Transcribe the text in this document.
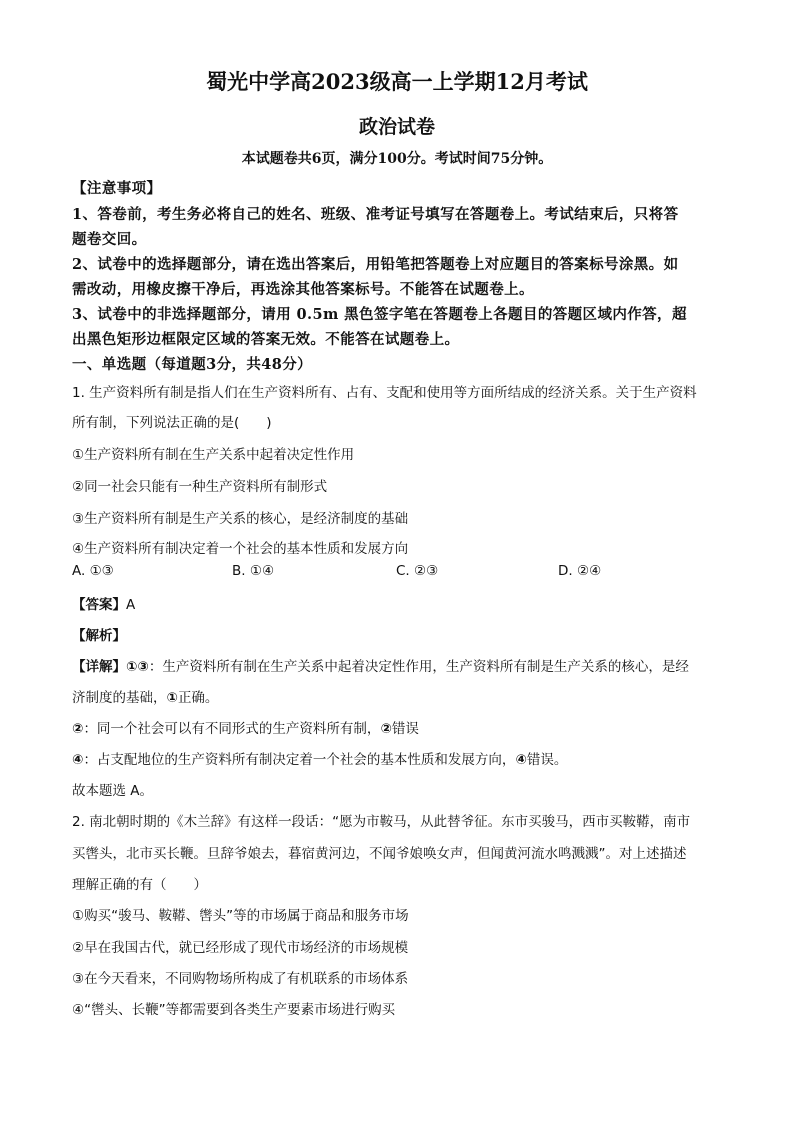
蜀光中学高2023级高一上学期12月考试
政治试卷
本试题卷共6页，满分100分。考试时间75分钟。
【注意事项】
1、答卷前，考生务必将自己的姓名、班级、准考证号填写在答题卷上。考试结束后，只将答
题卷交回。
2、试卷中的选择题部分，请在选出答案后，用铅笔把答题卷上对应题目的答案标号涂黑。如
需改动，用橡皮擦干净后，再选涂其他答案标号。不能答在试题卷上。
3、试卷中的非选择题部分，请用 0.5m 黑色签字笔在答题卷上各题目的答题区域内作答，超
出黑色矩形边框限定区域的答案无效。不能答在试题卷上。
一、单选题（每道题3分，共48分）
1. 生产资料所有制是指人们在生产资料所有、占有、支配和使用等方面所结成的经济关系。关于生产资料
所有制，下列说法正确的是(　　)
①生产资料所有制在生产关系中起着决定性作用
②同一社会只能有一种生产资料所有制形式
③生产资料所有制是生产关系的核心，是经济制度的基础
④生产资料所有制决定着一个社会的基本性质和发展方向
A. ①③	B. ①④	C. ②③	D. ②④
【答案】A
【解析】
【详解】①③：生产资料所有制在生产关系中起着决定性作用，生产资料所有制是生产关系的核心，是经
济制度的基础，①正确。
②：同一个社会可以有不同形式的生产资料所有制，②错误
④：占支配地位的生产资料所有制决定着一个社会的基本性质和发展方向，④错误。
故本题选 A。
2. 南北朝时期的《木兰辞》有这样一段话：“愿为市鞍马，从此替爷征。东市买骏马，西市买鞍鞯，南市
买辔头，北市买长鞭。旦辞爷娘去，暮宿黄河边，不闻爷娘唤女声，但闻黄河流水鸣溅溅”。对上述描述
理解正确的有（　　）
①购买“骏马、鞍鞯、辔头”等的市场属于商品和服务市场
②早在我国古代，就已经形成了现代市场经济的市场规模
③在今天看来，不同购物场所构成了有机联系的市场体系
④“辔头、长鞭”等都需要到各类生产要素市场进行购买
